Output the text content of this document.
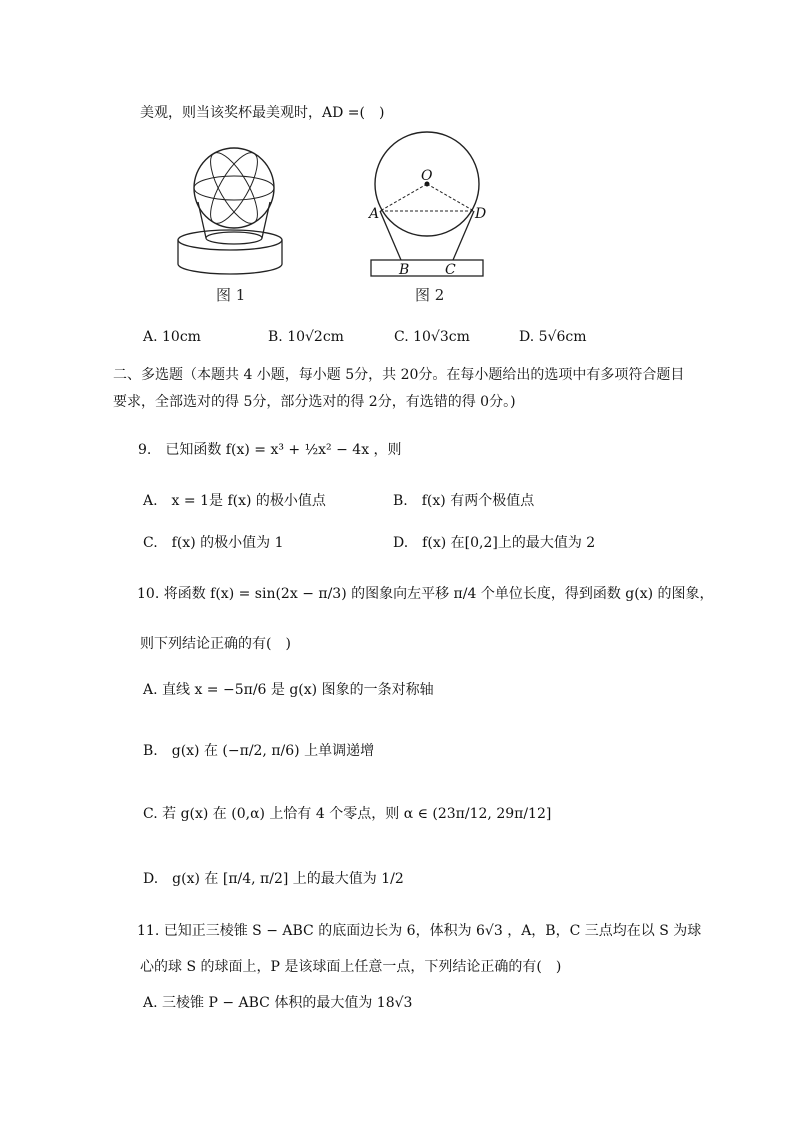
美观，则当该奖杯最美观时，AD =(　)
图 1
O
A	D
B	C
图 2
A. 10cm	B. 10√2cm	C. 10√3cm	D. 5√6cm
二、多选题（本题共 4 小题，每小题 5分，共 20分。在每小题给出的选项中有多项符合题目
要求，全部选对的得 5分，部分选对的得 2分，有选错的得 0分。)
9.　已知函数 f(x) = x³ + ½x² − 4x ，则
A.　x = 1是 f(x) 的极小值点	B.　f(x) 有两个极值点
C.　f(x) 的极小值为 1	D.　f(x) 在[0,2]上的最大值为 2
10. 将函数 f(x) = sin(2x − π/3) 的图象向左平移 π/4 个单位长度，得到函数 g(x) 的图象，
则下列结论正确的有(　)
A. 直线 x = −5π/6 是 g(x) 图象的一条对称轴
B.　g(x) 在 (−π/2, π/6) 上单调递增
C. 若 g(x) 在 (0,α) 上恰有 4 个零点，则 α ∈ (23π/12, 29π/12]
D.　g(x) 在 [π/4, π/2] 上的最大值为 1/2
11. 已知正三棱锥 S − ABC 的底面边长为 6，体积为 6√3 ，A，B，C 三点均在以 S 为球
心的球 S 的球面上，P 是该球面上任意一点，下列结论正确的有(　)
A. 三棱锥 P − ABC 体积的最大值为 18√3
